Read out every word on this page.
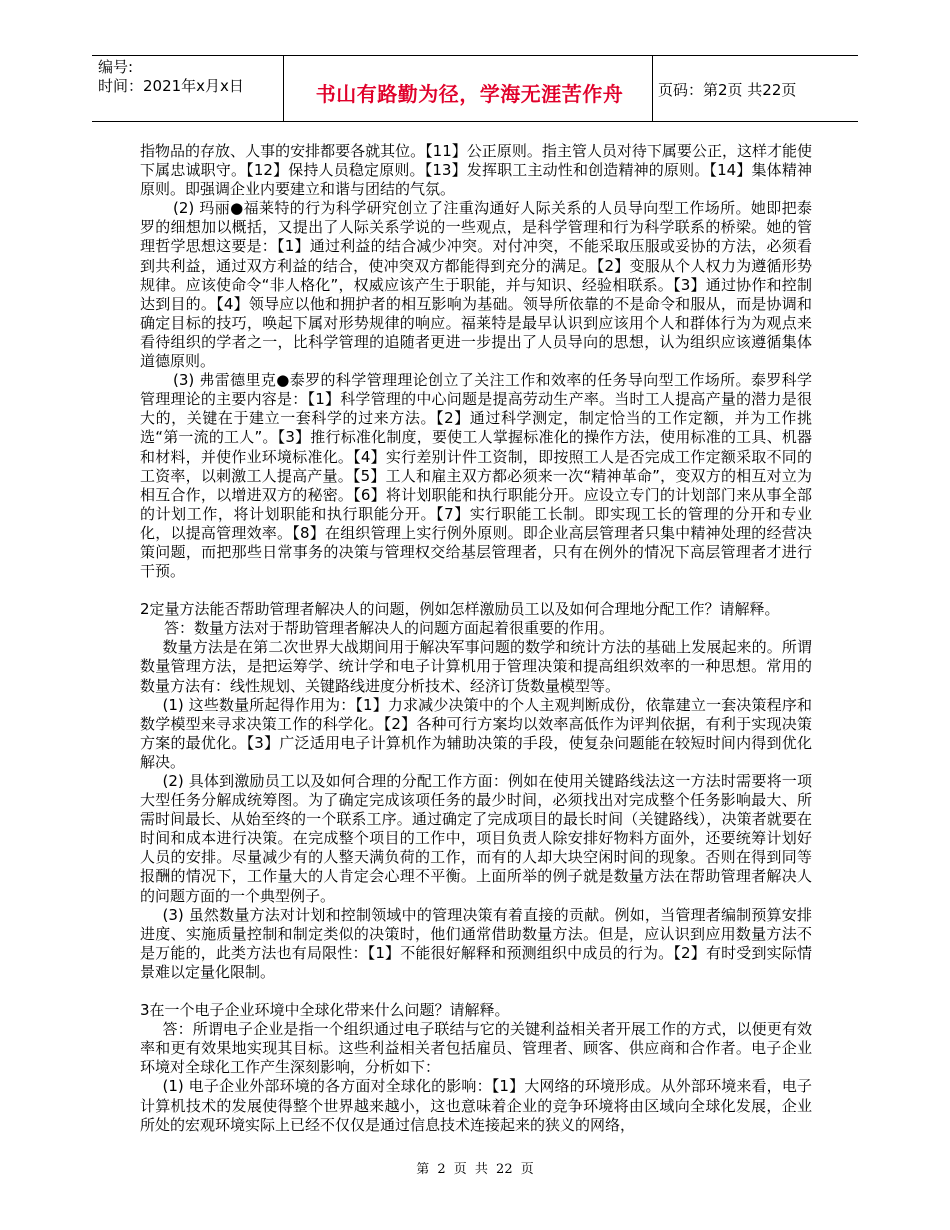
编号:
时间：2021年x月x日	书山有路勤为径，学海无涯苦作舟	页码：第2页 共22页

指物品的存放、人事的安排都要各就其位。【11】公正原则。指主管人员对待下属要公正，这样才能使下属忠诚职守。【12】保持人员稳定原则。【13】发挥职工主动性和创造精神的原则。【14】集体精神原则。即强调企业内要建立和谐与团结的气氛。

(2) 玛丽●福莱特的行为科学研究创立了注重沟通好人际关系的人员导向型工作场所。她即把泰罗的细想加以概括，又提出了人际关系学说的一些观点，是科学管理和行为科学联系的桥梁。她的管理哲学思想这要是：【1】通过利益的结合减少冲突。对付冲突，不能采取压服或妥协的方法，必须看到共利益，通过双方利益的结合，使冲突双方都能得到充分的满足。【2】变服从个人权力为遵循形势规律。应该使命令“非人格化”，权威应该产生于职能，并与知识、经验相联系。【3】通过协作和控制达到目的。【4】领导应以他和拥护者的相互影响为基础。领导所依靠的不是命令和服从，而是协调和确定目标的技巧，唤起下属对形势规律的响应。福莱特是最早认识到应该用个人和群体行为为观点来看待组织的学者之一，比科学管理的追随者更进一步提出了人员导向的思想，认为组织应该遵循集体道德原则。

(3) 弗雷德里克●泰罗的科学管理理论创立了关注工作和效率的任务导向型工作场所。泰罗科学管理理论的主要内容是：【1】科学管理的中心问题是提高劳动生产率。当时工人提高产量的潜力是很大的，关键在于建立一套科学的过来方法。【2】通过科学测定，制定恰当的工作定额，并为工作挑选“第一流的工人”。【3】推行标准化制度，要使工人掌握标准化的操作方法，使用标准的工具、机器和材料，并使作业环境标准化。【4】实行差别计件工资制，即按照工人是否完成工作定额采取不同的工资率，以刺激工人提高产量。【5】工人和雇主双方都必须来一次“精神革命”，变双方的相互对立为相互合作，以增进双方的秘密。【6】将计划职能和执行职能分开。应设立专门的计划部门来从事全部的计划工作，将计划职能和执行职能分开。【7】实行职能工长制。即实现工长的管理的分开和专业化，以提高管理效率。【8】在组织管理上实行例外原则。即企业高层管理者只集中精神处理的经营决策问题，而把那些日常事务的决策与管理权交给基层管理者，只有在例外的情况下高层管理者才进行干预。

2定量方法能否帮助管理者解决人的问题，例如怎样激励员工以及如何合理地分配工作？请解释。

答：数量方法对于帮助管理者解决人的问题方面起着很重要的作用。

数量方法是在第二次世界大战期间用于解决军事问题的数学和统计方法的基础上发展起来的。所谓数量管理方法，是把运筹学、统计学和电子计算机用于管理决策和提高组织效率的一种思想。常用的数量方法有：线性规划、关键路线进度分析技术、经济订货数量模型等。

(1) 这些数量所起得作用为：【1】力求减少决策中的个人主观判断成份，依靠建立一套决策程序和数学模型来寻求决策工作的科学化。【2】各种可行方案均以效率高低作为评判依据，有利于实现决策方案的最优化。【3】广泛适用电子计算机作为辅助决策的手段，使复杂问题能在较短时间内得到优化解决。

(2) 具体到激励员工以及如何合理的分配工作方面：例如在使用关键路线法这一方法时需要将一项大型任务分解成统筹图。为了确定完成该项任务的最少时间，必须找出对完成整个任务影响最大、所需时间最长、从始至终的一个联系工序。通过确定了完成项目的最长时间（关键路线），决策者就要在时间和成本进行决策。在完成整个项目的工作中，项目负责人除安排好物料方面外，还要统筹计划好人员的安排。尽量减少有的人整天满负荷的工作，而有的人却大块空闲时间的现象。否则在得到同等报酬的情况下，工作量大的人肯定会心理不平衡。上面所举的例子就是数量方法在帮助管理者解决人的问题方面的一个典型例子。

(3) 虽然数量方法对计划和控制领域中的管理决策有着直接的贡献。例如，当管理者编制预算安排进度、实施质量控制和制定类似的决策时，他们通常借助数量方法。但是，应认识到应用数量方法不是万能的，此类方法也有局限性：【1】不能很好解释和预测组织中成员的行为。【2】有时受到实际情景难以定量化限制。

3在一个电子企业环境中全球化带来什么问题？请解释。

答：所谓电子企业是指一个组织通过电子联结与它的关键利益相关者开展工作的方式，以便更有效率和更有效果地实现其目标。这些利益相关者包括雇员、管理者、顾客、供应商和合作者。电子企业环境对全球化工作产生深刻影响，分析如下：

(1) 电子企业外部环境的各方面对全球化的影响：【1】大网络的环境形成。从外部环境来看，电子计算机技术的发展使得整个世界越来越小，这也意味着企业的竞争环境将由区域向全球化发展，企业所处的宏观环境实际上已经不仅仅是通过信息技术连接起来的狭义的网络，

第 2 页 共 22 页
